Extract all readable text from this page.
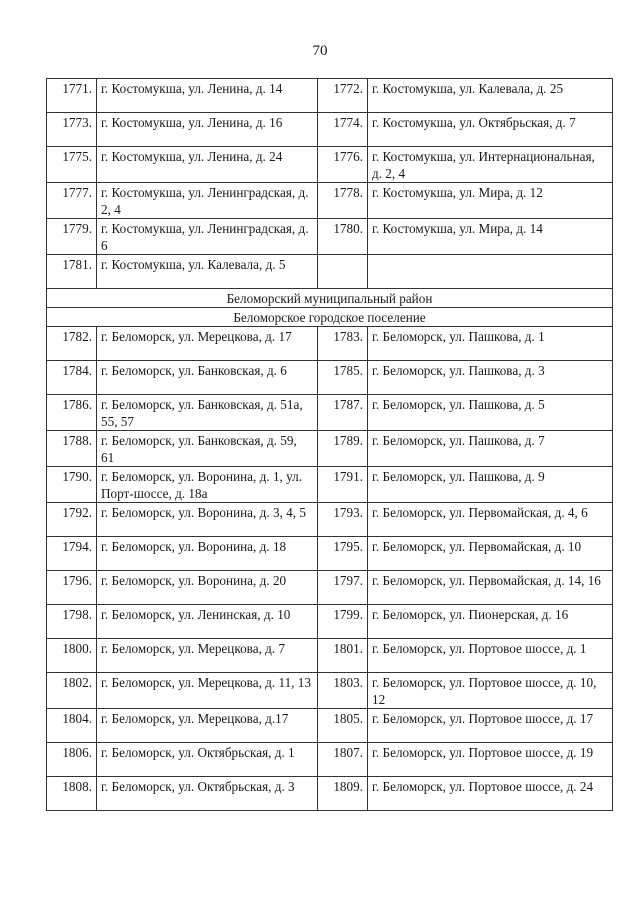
70
1771.	г. Костомукша, ул. Ленина, д. 14	1772.	г. Костомукша, ул. Калевала, д. 25
1773.	г. Костомукша, ул. Ленина, д. 16	1774.	г. Костомукша, ул. Октябрьская, д. 7
1775.	г. Костомукша, ул. Ленина, д. 24	1776.	г. Костомукша, ул. Интернациональная, д. 2, 4
1777.	г. Костомукша, ул. Ленинградская, д. 2, 4	1778.	г. Костомукша, ул. Мира, д. 12
1779.	г. Костомукша, ул. Ленинградская, д. 6	1780.	г. Костомукша, ул. Мира, д. 14
1781.	г. Костомукша, ул. Калевала, д. 5		
Беломорский муниципальный район			
Беломорское городское поселение			
1782.	г. Беломорск, ул. Мерецкова, д. 17	1783.	г. Беломорск, ул. Пашкова, д. 1
1784.	г. Беломорск, ул. Банковская, д. 6	1785.	г. Беломорск, ул. Пашкова, д. 3
1786.	г. Беломорск, ул. Банковская, д. 51а, 55, 57	1787.	г. Беломорск, ул. Пашкова, д. 5
1788.	г. Беломорск, ул. Банковская, д. 59, 61	1789.	г. Беломорск, ул. Пашкова, д. 7
1790.	г. Беломорск, ул. Воронина, д. 1, ул. Порт-шоссе, д. 18а	1791.	г. Беломорск, ул. Пашкова, д. 9
1792.	г. Беломорск, ул. Воронина, д. 3, 4, 5	1793.	г. Беломорск, ул. Первомайская, д. 4, 6
1794.	г. Беломорск, ул. Воронина, д. 18	1795.	г. Беломорск, ул. Первомайская, д. 10
1796.	г. Беломорск, ул. Воронина, д. 20	1797.	г. Беломорск, ул. Первомайская, д. 14, 16
1798.	г. Беломорск, ул. Ленинская, д. 10	1799.	г. Беломорск, ул. Пионерская, д. 16
1800.	г. Беломорск, ул. Мерецкова, д. 7	1801.	г. Беломорск, ул. Портовое шоссе, д. 1
1802.	г. Беломорск, ул. Мерецкова, д. 11, 13	1803.	г. Беломорск, ул. Портовое шоссе, д. 10, 12
1804.	г. Беломорск, ул. Мерецкова, д.17	1805.	г. Беломорск, ул. Портовое шоссе, д. 17
1806.	г. Беломорск, ул. Октябрьская, д. 1	1807.	г. Беломорск, ул. Портовое шоссе, д. 19
1808.	г. Беломорск, ул. Октябрьская, д. 3	1809.	г. Беломорск, ул. Портовое шоссе, д. 24
